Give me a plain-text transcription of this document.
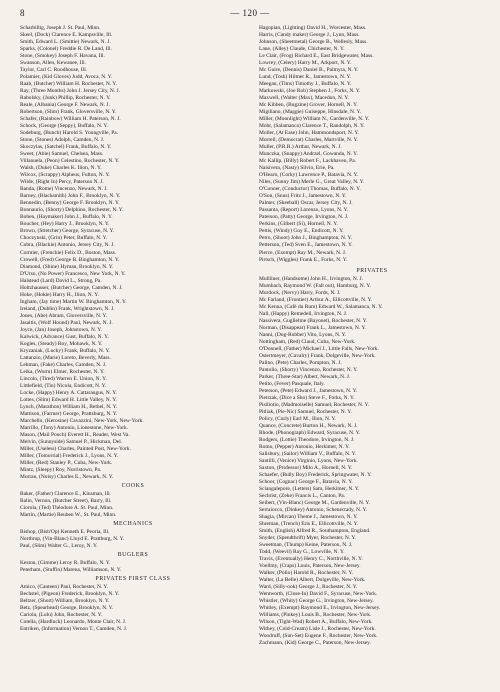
8	— 120 —
Scharbillig, Joseph J. St. Paul, Minn.
Skeel, (Dock) Clarence E. Kampsville, Ill.
Smith, Edward L. (Smittie) Newark, N. J.
Sparks, (Colonel) Freddie R. De Land, Ill.
Stone, (Smokey) Joseph F. Havana, Ill.
Swanson, Allen, Kewanee, Ill.
Taylor, Carl C. Roodhouse, Ill.
Polamier, (Kid Gloves) Judd, Avoca, N. Y.
Raab, (Butcher) William H. Rochester, N. Y.
Ray, (Three Months) John J. Jersey City, N. J.
Rabolsky, (Junk) Phillip, Rochester, N. Y.
Reale, (Albania) George F. Newark, N. J.
Robertson, (Slim) Frank, Gloversville, N. Y.
Schafer, (Rainbow) William H. Paterson, N. J.
Schock, (George (Seppy), Buffalo, N. Y.
Sodeburg, (Bunch) Harold S. Youngville, Pa.
Stone, (Stones) Adolph, Camden, N. J.
Skoczylas, (Satchel) Frank, Buffalo, N. Y.
Sweet, (Abie) Samuel, Chelsea, Mass.
Villanuela, (Peon) Celestino, Rochester, N. Y.
Walsh, (Duke) Charles K. Ilion, N. Y.
Wilcox, (Scrappy) Alpheus, Fulton, N. Y.
Wilde, (Right In) Percy, Paterson N. J.
Banda, (Rome) Vincenzo, Newark, N. J.
Barney, (Blacksmith) John F., Brooklyn, N. Y.
Bennedin, (Benny) George F. Brooklyn, N. Y.
Bonnaurio, (Shorty) Delphino, Rochester, N. Y.
Bohen, (Haymaker) John J., Buffalo, N. Y.
Boucher, (Hey) Harry J., Brooklyn, N. Y.
Brown, (Stretcher) George, Syracuse, N. Y.
Choczynski, (Grin) Peter, Buffalo, N. Y.
Cobra, (Blackie) Antonio, Jersey City, N. J.
Cormier, (Frenchie) Felix D., Boston, Mass.
Crowell, (Fred) George B. Binghamton, N. Y.
Diamond, (Shine) Hyman, Brooklyn, N. Y.
D'Urso, (No Power) Francesco, New York, N. Y.
Halstead (Lard) David L., Strong, Pa.
Holtzhausser, (Butcher) George, Camden, N. J.
Hoke, (Hokie) Harry H., Ilion, N. Y.
Ingham, (Jay time) Martin W. Binghamton, N. Y.
Ireland, (Dublin) Frank, Wrightstown, N. J.
Jones, (Abe) Abram, Gloversville, N. Y.
Jasaitis, (Wolf Hound) Paul, Newark, N. J.
Joyce, (Jan) Joseph, Johnstown, N. Y.
Kalwick, (Advance) Gust, Buffalo, N. Y.
Kogles, (Steady) Roy, Mohawk, N. Y.
Kryzaniak, (Lucky) Frank, Buffalo, N. Y.
Lattanzio, (Marie) Loreto, Beverly, Mass.
Lehman, (Fake) Charles, Camden, N. J.
Leika, (Worm) Elmer, Rochester, N. Y.
Lincoln, (Tired) Warren E. Union, N. Y.
Littlefield, (Tin) Nicola, Endicott, N. Y.
Locke, (Happy) Henry A. Cattaraugus, N. Y.
Lottes, (Slim) Edward H. Little Valley, N. Y.
Lynch, (Marathon) William H., Bethel, N. Y.
Mattison, (Farmer) George, Prattsburg, N. Y.
Marchello, (Kerosine) Cavazzini, New-York, New-York.
Marrillo, (Tony) Antonio, Lionestone, New-York.
Mason, (Mail Pouch) Everett H., Reader, West Va.
Melvin, (Sunnyside) Samuel P., Hickman, Del.
Miller, (Useless) Charles, Painted Post, New-York.
Miller, (Tomorrial) Frederick J., Lyons, N. Y.
Miller, (Red) Stanley P., Cuba, New-York.
Mintz, (Sleepy) Roy, Norristown, Pa.
Morran, (Noisy) Charles E., Newark, N. Y.
COOKS
Baker, (Father) Clarence E., Kinsman, Ill.
Balin, Vernon, (Butcher Street), Barry, Ill.
Ciorola, (Ted) Théodore A. St. Paul, Minn.
Martin, (Martie) Reuben W., St. Paul, Minn.
MECHANICS
Bishop, (Bish'Op) Kenneth E. Peoria, Ill.
Northrup, (Vin-Blanc) Lloyd E. Prattburg, N. Y.
Paul, (Slim) Walter G., Leroy, N. Y.
BUGLERS
Keston, (Gimme) Leroy R. Buffalo, N. Y.
Peterham, (Stuffin) Marena, Williamson, N. Y.
PRIVATES FIRST CLASS
Amico, (Canteen) Paul, Rochester, N. Y.
Bechstel, (Pigeon) Frederick, Brooklyn, N. Y.
Beltzer, (Short) William, Brooklyn, N. Y.
Betz, (Spearhead) George, Brooklyn, N. Y.
Cariola, (Lulu) John, Rochester, N. Y.
Cotella, (Hardluck) Leonardo, Monte Clair, N. J.
Entriken, (Information) Vernon T., Camden, N. J.
Hagopian, (Lighting) David H., Worcester, Mass.
Harris, (Candy maker) George J., Lynn, Mass.
Johnson, (Sheetmetal) George B., Wellesly, Mass.
Lane, (Alley) Claude, Chichester, N. Y.
Le Clair, (Frog) Richard E., East Bridgewater, Mass.
Lowrey, (Celery) Harry M., Arkport, N. Y.
Mc Guire, (Dennis) Daniel B., Palmyra, N. Y.
Lund, (Tosh) Hilmer R., Jamestown, N. Y.
Meegan, (Tims) Timothy J., Buffalo, N. Y.
Markowski, (Joe Rob) Stephen J., Forks, N. Y.
Maxwell, (Walter (Max), Macedon, N. Y.
Mc Kibben, (Bugzine) Grover, Hornell, N. Y.
Migiliano, (Maggie) Guiseppe, Hinsdale, N. Y.
Miller, (Moonlight) William N., Gardenville, N. Y.
Mohr, (Salamanca) Clarence T., Randolph, N. Y.
Moller, (At Ease) John, Hammondsport, N. Y.
Morrell, (Democrat) Charles, Martville, N. Y.
Muller, (P.R.R.) Arthur, Newark, N. J.
Munczka, (Snappy) Andrzel, Gowanda, N. Y.
Mc Kallip, (Billy) Robert F., Lackhaven, Pa.
Naisivera, (Nasty) Silvio, Erie, Pa.
O'Hearn, (Corky) Lawrence P., Batavia, N. Y.
Niles, (Sunny Jim) Merle G., Great Valley, N. Y.
O'Conner, (Conductor) Thomas, Buffalo, N. Y.
O'Son, (Snus) Fritz J., Jamestown, N. Y.
Palmer, (Skeeball) Oscar, Jersey City, N. J.
Passanta, (Report) Lorenzo, Lyons, N. Y.
Paterson, (Patty) George, Irvington, N. J.
Perkins, (Gilbert (Si), Hornell, N. Y.
Pettis, (Windy) Guy E., Endicott, N. Y.
Petro, (Shoot) John J., Binghampton, N. Y.
Petterson, (Ted) Sven E., Jamestown, N. Y.
Pierce, (Exempt) Ray M., Newark, N. J.
Pirtsch, (Wiggles) Frank E., Forks, N. Y.
PRIVATES
Mullliner, (Handsome) John H., Irvington, N. J.
Mumbach, Raymond W. (Fall out), Hamburg, N. Y.
Murdock, (Nervy) Harry, Fords, N. J.
Mc Farland, (Frontier) Arthur A., Ellicottville, N. Y.
Mc Kenna, (Café du Rum) Edward W., Salamanca, N. Y.
Nall, (Happy) Remedell, Irvington, N. J.
Nassivera, Guglielme (Bayonet), Rochester, N. Y.
Norman, (Disappear) Frank L., Jamestown, N. Y.
Nanni, (Dog-Robber) Vito, Lyons, N. Y.
Nottingham, (Red) Claud, Cuba, New-York.
O'Donnell, (Father) Michael J., Little Falls, New-York.
Ostertmeyer, (Cavalry) Frank, Dolgeville, New-York.
Palino, (Pete) Charles, Pompton, N. J.
Pantolio, (Shorty) Vincenzo, Rochester, N. Y.
Parker, (Three-Star) Albert, Newark, N. J.
Petito, (Fever) Pasquale, Italy.
Peterson, (Pete) Edward J., Jamestown, N. Y.
Pietrzak, (Dice a Sho) Steve F., Forks, N. Y.
Pisiliotio, (Madmoiselle) Samuel, Rochester, N. Y.
Pitliak, (Pie-Nic) Samuel, Rochester, N. Y.
Policy, (Curly) Earl M., Ilion, N. Y.
Quance, (Concrete) Burton H., Newark, N. J.
Rhode, (Phonograph) Edward, Syracuse, N. Y.
Rodgers, (Lottie) Theodore, Irvington, N. J.
Romo, (Pepper) Antonio, Herkimer, N. Y.
Salisbury, (Sailor) William V., Buffalo, N. Y.
Santilli, (Venice) Virginio, Lyons, New-York.
Saxton, (Professor) Milo A., Hornell, N. Y.
Schaefer, (Bully Boy) Frederick, Springwater, N. Y.
Schoor, (Cognac) George F., Batavia, N. Y.
Sciangalepore, (Letters) Sam, Herkimer, N. Y.
Sechrist, (Zeke) Francis L., Canton, Pa.
Seibert, (Vin-Blanc) George M., Gardenville, N. Y.
Serraiocco, (Dinkey) Antonio, Schenectady, N. Y.
Shagia, (Mircan) Theme J., Jamestown, N. Y.
Shreman, (Trench) Eris E., Ellicottville, N. Y.
Smith, (English) Alfred R., Southampton, England.
Snyder, (Spendthrift) Myer, Rochester, N. Y.
Sweetman, (Thump) Keine, Paterson, N. J.
Todd, (Weevil) Ray G., Lowville, N. Y.
Travis, (Eventually) Henry C., Northville, N. Y.
Voellmy, (Craps) Louis, Paterson, New-Jersey.
Walker, (Polio) Harold R., Rochester, N. Y.
Walter, (La Belle) Albert, Dolgeville, New-York.
Ward, (Silly-ook) George J., Rochester, N. Y.
Wentworth, (Close-In) David F., Syracuse, New-York.
Whistler, (Whity) George G., Irvington, New-Jersey.
Whitley, (Exempt) Raymond E., Irvington, New-Jersey.
Williams, (Pinkey) Louis B., Rochester, New-York.
Wilson, (Tight-Wad) Robert A., Buffalo, New-York.
Withey, (Cold-Cream) Lisle J., Rochester, New-York.
Woodruff, (Sun-Set) Eugene F., Rochester, New-York.
Zachmann, (Kid) George C., Paterson, New-Jersey.
